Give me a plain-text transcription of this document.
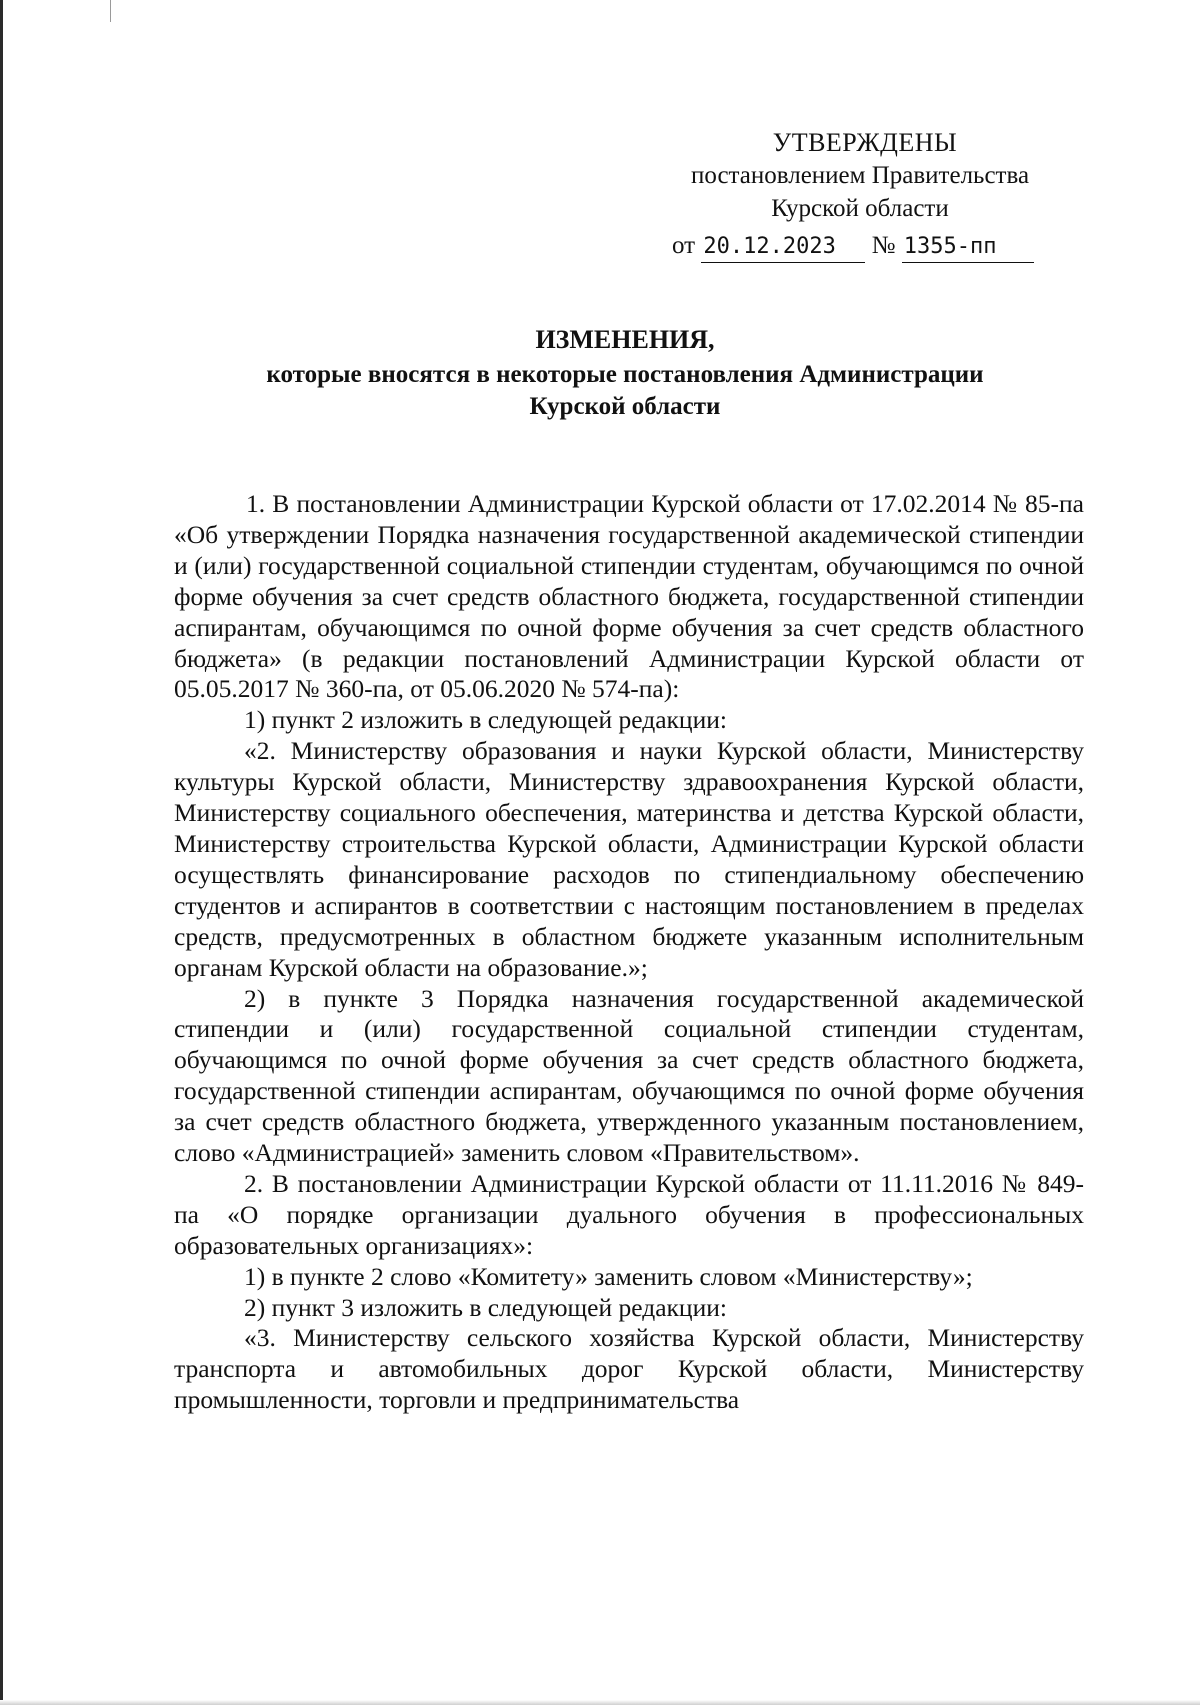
УТВЕРЖДЕНЫ
постановлением Правительства
Курской области
от 20.12.2023 № 1355-пп
ИЗМЕНЕНИЯ,
которые вносятся в некоторые постановления Администрации
Курской области

1. В постановлении Администрации Курской области от 17.02.2014 № 85-па «Об утверждении Порядка назначения государственной академической стипендии и (или) государственной социальной стипендии студентам, обучающимся по очной форме обучения за счет средств областного бюджета, государственной стипендии аспирантам, обучающимся по очной форме обучения за счет средств областного бюджета» (в редакции постановлений Администрации Курской области от 05.05.2017 № 360-па, от 05.06.2020 № 574-па):

1) пункт 2 изложить в следующей редакции:

«2. Министерству образования и науки Курской области, Министерству культуры Курской области, Министерству здравоохранения Курской области, Министерству социального обеспечения, материнства и детства Курской области, Министерству строительства Курской области, Администрации Курской области осуществлять финансирование расходов по стипендиальному обеспечению студентов и аспирантов в соответствии с настоящим постановлением в пределах средств, предусмотренных в областном бюджете указанным исполнительным органам Курской области на образование.»;

2) в пункте 3 Порядка назначения государственной академической стипендии и (или) государственной социальной стипендии студентам, обучающимся по очной форме обучения за счет средств областного бюджета, государственной стипендии аспирантам, обучающимся по очной форме обучения за счет средств областного бюджета, утвержденного указанным постановлением, слово «Администрацией» заменить словом «Правительством».

2. В постановлении Администрации Курской области от 11.11.2016 № 849-па «О порядке организации дуального обучения в профессиональных образовательных организациях»:

1) в пункте 2 слово «Комитету» заменить словом «Министерству»;

2) пункт 3 изложить в следующей редакции:

«3. Министерству сельского хозяйства Курской области, Министерству транспорта и автомобильных дорог Курской области, Министерству промышленности, торговли и предпринимательства
